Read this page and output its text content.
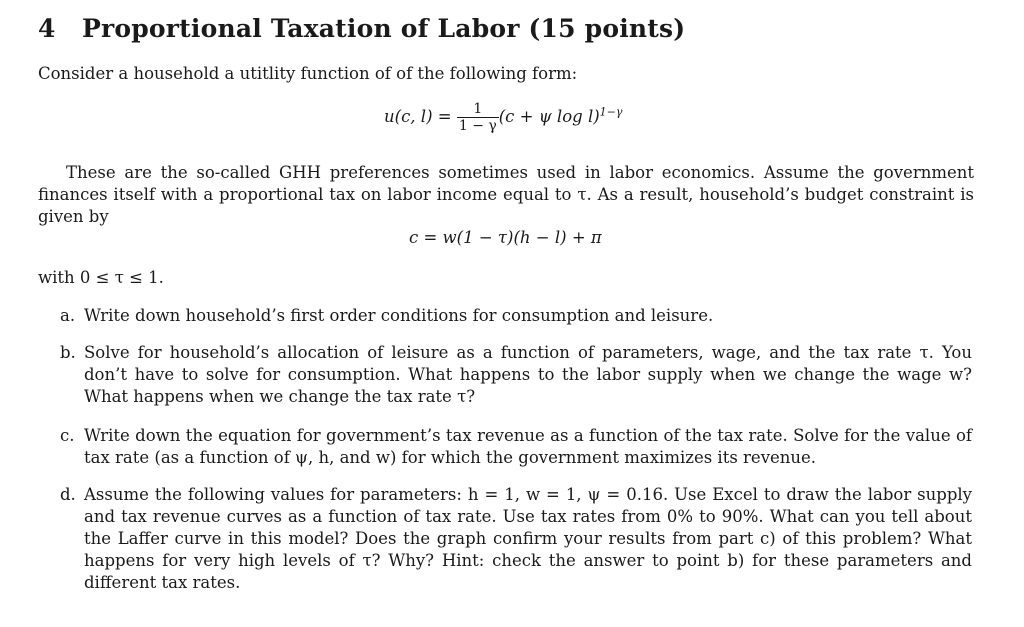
4 Proportional Taxation of Labor (15 points)
Consider a household a utitlity function of of the following form:
u(c, $l) = \frac{1}{1 - \gamma} (c + \psi$ log l)$^{1-\gamma}$
These are the so-called GHH preferences sometimes used in labor economics. Assume the government finances itself with a proportional tax on labor income equal to τ. As a result, household’s budget constraint is given by
c = w(1 − τ)(h − l) + π
with 0 ≤ τ ≤ 1.
a. Write down household’s first order conditions for consumption and leisure.
b. Solve for household’s allocation of leisure as a function of parameters, wage, and the tax rate τ. You don’t have to solve for consumption. What happens to the labor supply when we change the wage w? What happens when we change the tax rate τ?
c. Write down the equation for government’s tax revenue as a function of the tax rate. Solve for the value of tax rate (as a function of ψ, h, and w) for which the government maximizes its revenue.
d. Assume the following values for parameters: h = 1, w = 1, ψ = 0.16. Use Excel to draw the labor supply and tax revenue curves as a function of tax rate. Use tax rates from 0% to 90%. What can you tell about the Laffer curve in this model? Does the graph confirm your results from part c) of this problem? What happens for very high levels of τ? Why? Hint: check the answer to point b) for these parameters and different tax rates.
